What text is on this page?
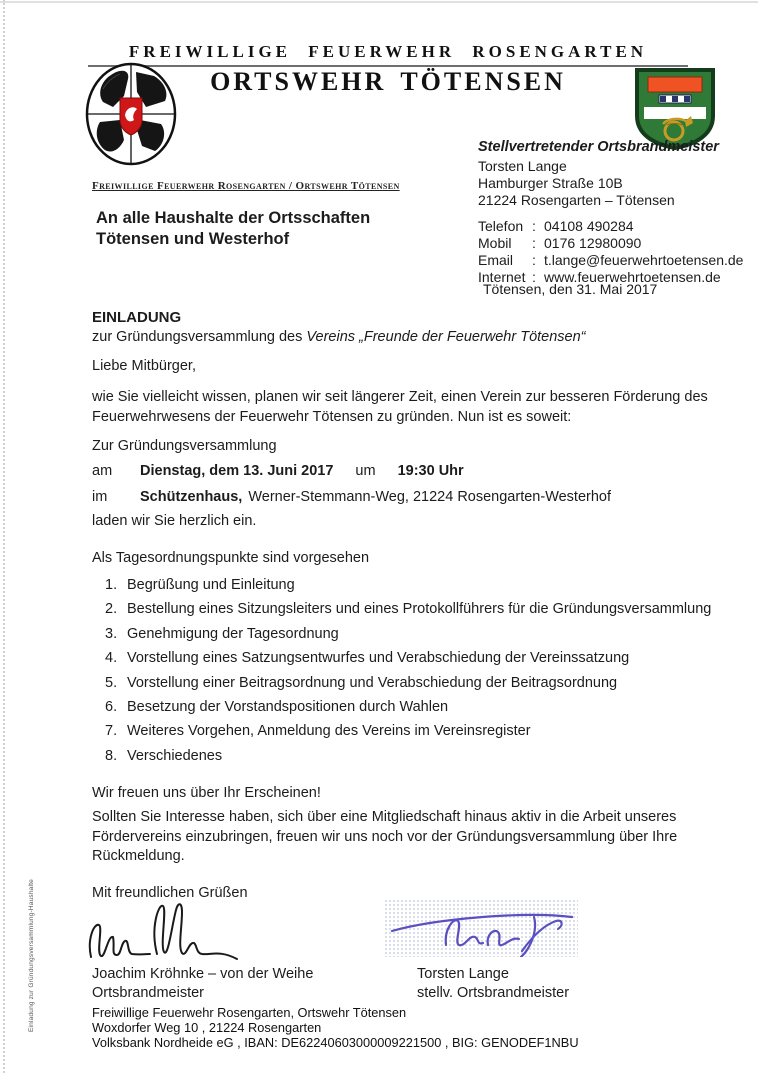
FREIWILLIGE FEUERWEHR ROSENGARTEN
ORTSWEHR TÖTENSEN
Stellvertretender Ortsbrandmeister
Torsten Lange
Hamburger Straße 10B
21224 Rosengarten – Tötensen
Telefon : 04108 490284
Mobil	: 0176 12980090
Email	: t.lange@feuerwehrtoetensen.de
Internet : www.feuerwehrtoetensen.de
Tötensen, den 31. Mai 2017
Freiwillige Feuerwehr Rosengarten / Ortswehr Tötensen
An alle Haushalte der Ortsschaften
Tötensen und Westerhof
EINLADUNG
zur Gründungsversammlung des Vereins „Freunde der Feuerwehr Tötensen“
Liebe Mitbürger,
wie Sie vielleicht wissen, planen wir seit längerer Zeit, einen Verein zur besseren Förderung des Feuerwehrwesens der Feuerwehr Tötensen zu gründen. Nun ist es soweit:
Zur Gründungsversammlung
am Dienstag, dem 13. Juni 2017 um 19:30 Uhr
im Schützenhaus, Werner-Stemmann-Weg, 21224 Rosengarten-Westerhof
laden wir Sie herzlich ein.
Als Tagesordnungspunkte sind vorgesehen
1. Begrüßung und Einleitung
2. Bestellung eines Sitzungsleiters und eines Protokollführers für die Gründungsversammlung
3. Genehmigung der Tagesordnung
4. Vorstellung eines Satzungsentwurfes und Verabschiedung der Vereinssatzung
5. Vorstellung einer Beitragsordnung und Verabschiedung der Beitragsordnung
6. Besetzung der Vorstandspositionen durch Wahlen
7. Weiteres Vorgehen, Anmeldung des Vereins im Vereinsregister
8. Verschiedenes
Wir freuen uns über Ihr Erscheinen!
Sollten Sie Interesse haben, sich über eine Mitgliedschaft hinaus aktiv in die Arbeit unseres Fördervereins einzubringen, freuen wir uns noch vor der Gründungsversammlung über Ihre Rückmeldung.
Mit freundlichen Grüßen
Joachim Kröhnke – von der Weihe
Ortsbrandmeister
Torsten Lange
stellv. Ortsbrandmeister
Freiwillige Feuerwehr Rosengarten, Ortswehr Tötensen
Woxdorfer Weg 10 , 21224 Rosengarten
Volksbank Nordheide eG , IBAN: DE62240603000009221500 , BIG: GENODEF1NBU
Einladung zur Gründungsversammlung-Haushalte
